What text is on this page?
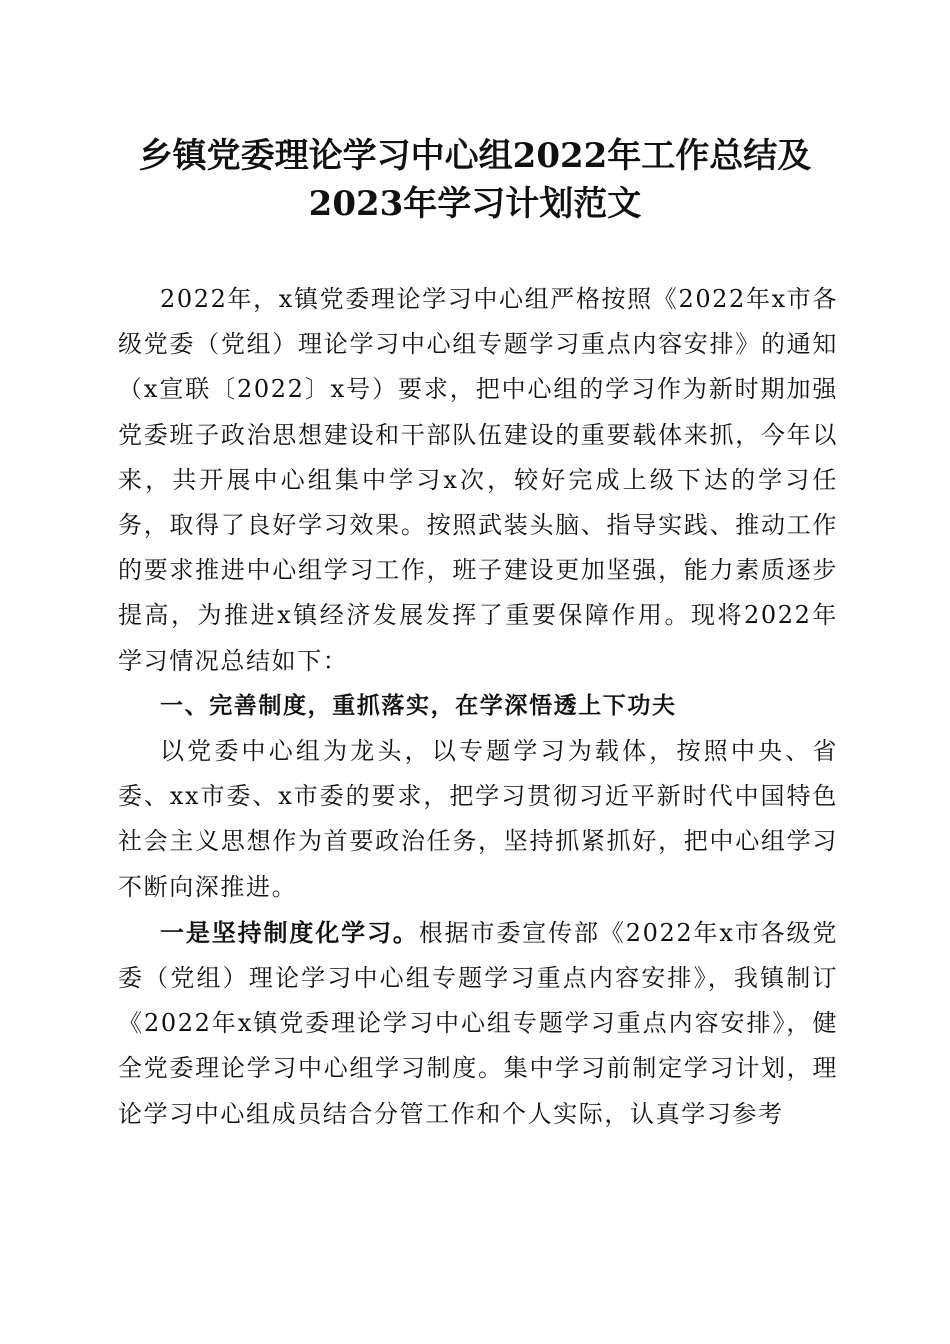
乡镇党委理论学习中心组2022年工作总结及
2023年学习计划范文

2022年，x镇党委理论学习中心组严格按照《2022年x市各级党委（党组）理论学习中心组专题学习重点内容安排》的通知（x宣联〔2022〕x号）要求，把中心组的学习作为新时期加强党委班子政治思想建设和干部队伍建设的重要载体来抓，今年以来，共开展中心组集中学习x次，较好完成上级下达的学习任务，取得了良好学习效果。按照武装头脑、指导实践、推动工作的要求推进中心组学习工作，班子建设更加坚强，能力素质逐步提高，为推进x镇经济发展发挥了重要保障作用。现将2022年学习情况总结如下：

一、完善制度，重抓落实，在学深悟透上下功夫

以党委中心组为龙头，以专题学习为载体，按照中央、省委、xx市委、x市委的要求，把学习贯彻习近平新时代中国特色社会主义思想作为首要政治任务，坚持抓紧抓好，把中心组学习不断向深推进。

一是坚持制度化学习。根据市委宣传部《2022年x市各级党委（党组）理论学习中心组专题学习重点内容安排》，我镇制订《2022年x镇党委理论学习中心组专题学习重点内容安排》，健全党委理论学习中心组学习制度。集中学习前制定学习计划，理论学习中心组成员结合分管工作和个人实际，认真学习参考
